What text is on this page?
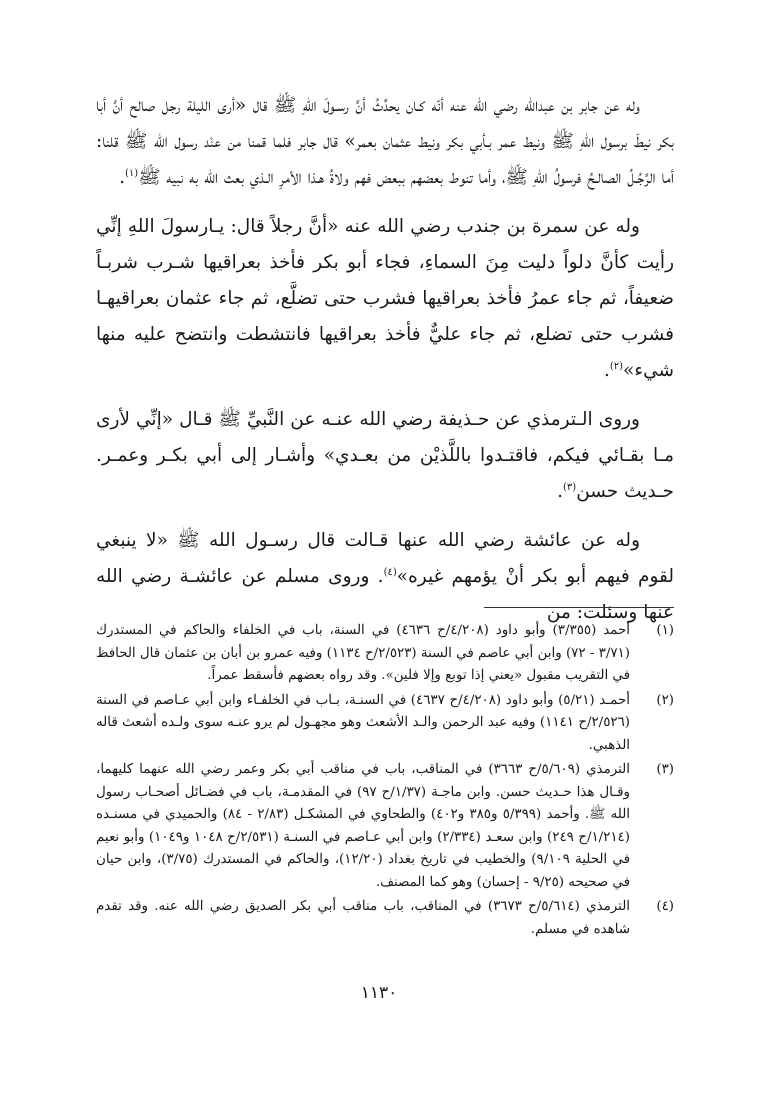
وله عن جابر بن عبدالله رضي الله عنه أنّه كـان يحدِّثُ أنَّ رسـولَ اللهِ ﷺ قال «أرى الليلة رجل صالح أنَّ أبا بكر نيطَ برسول اللهِ ﷺ ونيط عمر بـأبي بكر ونيط عثمان بعمر» قال جابر فلما قمنا من عنْد رسول الله ﷺ قلنا: أما الرَّجُـلُ الصالـحُ فرسولُ اللهِ ﷺ، وأما تنوط بعضهم ببعض فهم ولاةُ هـذا الأمرِ الـذي بعث الله به نبيه ﷺ$^{(١)}$.

وله عن سمرة بن جندب رضي الله عنه «أنَّ رجلاً قال: يـارسولَ اللهِ إنِّي رأيت كأنَّ دلواً دليت مِنَ السماءِ، فجاء أبو بكر فأخذ بعراقيها شـرب شربـاً ضعيفاً، ثم جاء عمرُ فأخذ بعراقيها فشرب حتى تضلَّع، ثم جاء عثمان بعراقيهـا فشرب حتى تضلع، ثم جاء عليٌّ فأخذ بعراقيها فانتشطت وانتضح عليه منها شيء»$^{(٢)}$.

وروى الـترمذي عن حـذيفة رضي الله عنـه عن النَّبيِّ ﷺ قـال «إنِّي لأرى مـا بقـائي فيكم، فاقتـدوا باللَّذيْن من بعـدي» وأشـار إلى أبي بكـر وعمـر. حـديث حسن$^{(٣)}$.

وله عن عائشة رضي الله عنها قـالت قال رسـول الله ﷺ «لا ينبغي لقوم فيهم أبو بكر أنْ يؤمهم غيره»$^{(٤)}$. وروى مسلم عن عائشـة رضي الله عنها وسئلت: من

(١)
أحمد (٣/٣٥٥) وأبو داود (٤/٢٠٨/ح ٤٦٣٦) في السنة، باب في الخلفاء والحاكم في المستدرك (٣/٧١ - ٧٢) وابن أبي عاصم في السنة (٢/٥٢٣/ح ١١٣٤) وفيه عمرو بن أبان بن عثمان قال الحافظ في التقريب مقبول «يعني إذا توبع وإلا فلين». وقد رواه بعضهم فأسقط عمراً.
(٢)
أحمـد (٥/٢١) وأبو داود (٤/٢٠٨/ح ٤٦٣٧) في السنـة، بـاب في الخلفـاء وابن أبي عـاصم في السنة (٢/٥٢٦/ح ١١٤١) وفيه عبد الرحمن والـد الأشعث وهو مجهـول لم يرو عنـه سوى ولـده أشعث قاله الذهبي.
(٣)
الترمذي (٥/٦٠٩/ح ٣٦٦٣) في المناقب، باب في مناقب أبي بكر وعمر رضي الله عنهما كليهما، وقـال هذا حـديث حسن. وابن ماجـة (١/٣٧/ح ٩٧) في المقدمـة، باب في فضـائل أصحـاب رسول الله ﷺ. وأحمد (٥/٣٩٩ و٣٨٥ و٤٠٢) والطحاوي في المشكـل (٢/٨٣ - ٨٤) والحميدي في مسنـده (١/٢١٤/ح ٢٤٩) وابن سعـد (٢/٣٣٤) وابن أبي عـاصم في السنـة (٢/٥٣١/ح ١٠٤٨ و١٠٤٩) وأبو نعيم في الحلية ٩/١٠٩) والخطيب في تاريخ بغداد (١٢/٢٠)، والحاكم في المستدرك (٣/٧٥)، وابن حيان في صحيحه (٩/٢٥ - إحسان) وهو كما المصنف.
(٤)
الترمذي (٥/٦١٤/ح ٣٦٧٣) في المناقب، باب مناقب أبي بكر الصديق رضي الله عنه. وقد تقدم شاهده في مسلم.
١١٣٠
